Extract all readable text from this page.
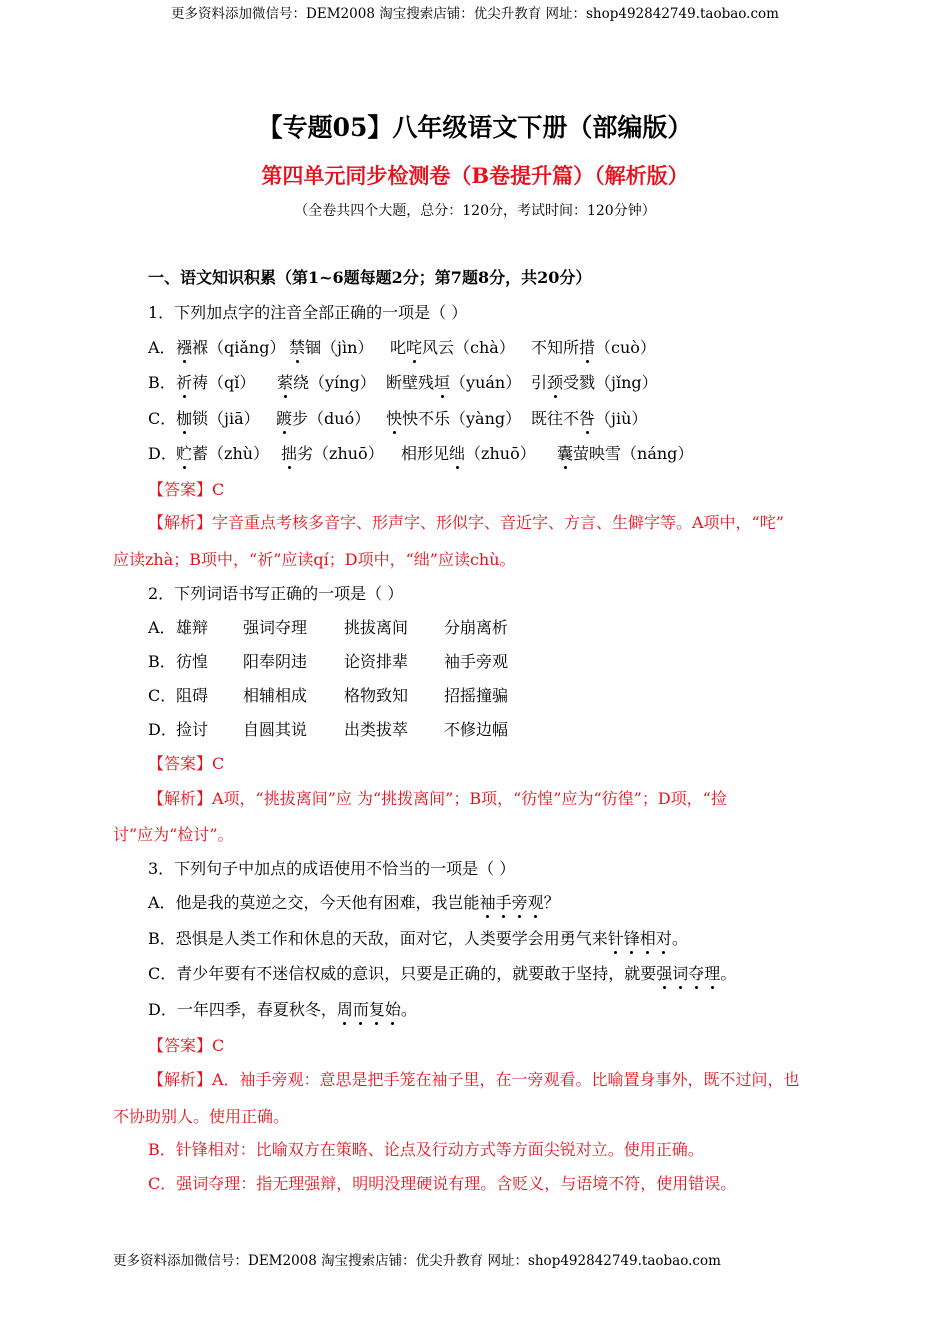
更多资料添加微信号：DEM2008 淘宝搜索店铺：优尖升教育 网址：shop492842749.taobao.com
更多资料添加微信号：DEM2008 淘宝搜索店铺：优尖升教育 网址：shop492842749.taobao.com
【专题05】八年级语文下册（部编版）
第四单元同步检测卷（B卷提升篇）（解析版）
（全卷共四个大题，总分：120分，考试时间：120分钟）
一、语文知识积累（第1~6题每题2分；第7题8分，共20分）
1．下列加点字的注音全部正确的一项是（ ）
A． 襁褓（qiǎng） 禁锢（jìn） 叱咤风云（chà） 不知所措（cuò）
B． 祈祷（qǐ） 萦绕（yíng） 断壁残垣（yuán） 引颈受戮（jǐng）
C． 枷锁（jiā） 踱步（duó） 怏怏不乐（yàng） 既往不咎（jiù）
D． 贮蓄（zhù） 拙劣（zhuō） 相形见绌（zhuō） 囊萤映雪（náng）
【答案】C
【解析】字音重点考核多音字、形声字、形似字、音近字、方言、生僻字等。A项中，“咤”
应读zhà；B项中，“祈”应读qí；D项中，“绌”应读chù。
2．下列词语书写正确的一项是（ ）
A． 雄辩 强词夺理 挑拔离间 分崩离析
B． 彷惶 阳奉阴违 论资排辈 袖手旁观
C． 阻碍 相辅相成 格物致知 招摇撞骗
D． 捡讨 自圆其说 出类拔萃 不修边幅
【答案】C
【解析】A项，“挑拔离间”应 为“挑拨离间”；B项，“彷惶”应为“彷徨”；D项，“捡
讨”应为“检讨”。
3．下列句子中加点的成语使用不恰当的一项是（ ）
A．他是我的莫逆之交，今天他有困难，我岂能袖手旁观？
B．恐惧是人类工作和休息的天敌，面对它，人类要学会用勇气来针锋相对。
C．青少年要有不迷信权威的意识，只要是正确的，就要敢于坚持，就要强词夺理。
D．一年四季，春夏秋冬，周而复始。
【答案】C
【解析】A．袖手旁观：意思是把手笼在袖子里，在一旁观看。比喻置身事外，既不过问，也
不协助别人。使用正确。
B．针锋相对：比喻双方在策略、论点及行动方式等方面尖锐对立。使用正确。
C．强词夺理：指无理强辩，明明没理硬说有理。含贬义，与语境不符，使用错误。
